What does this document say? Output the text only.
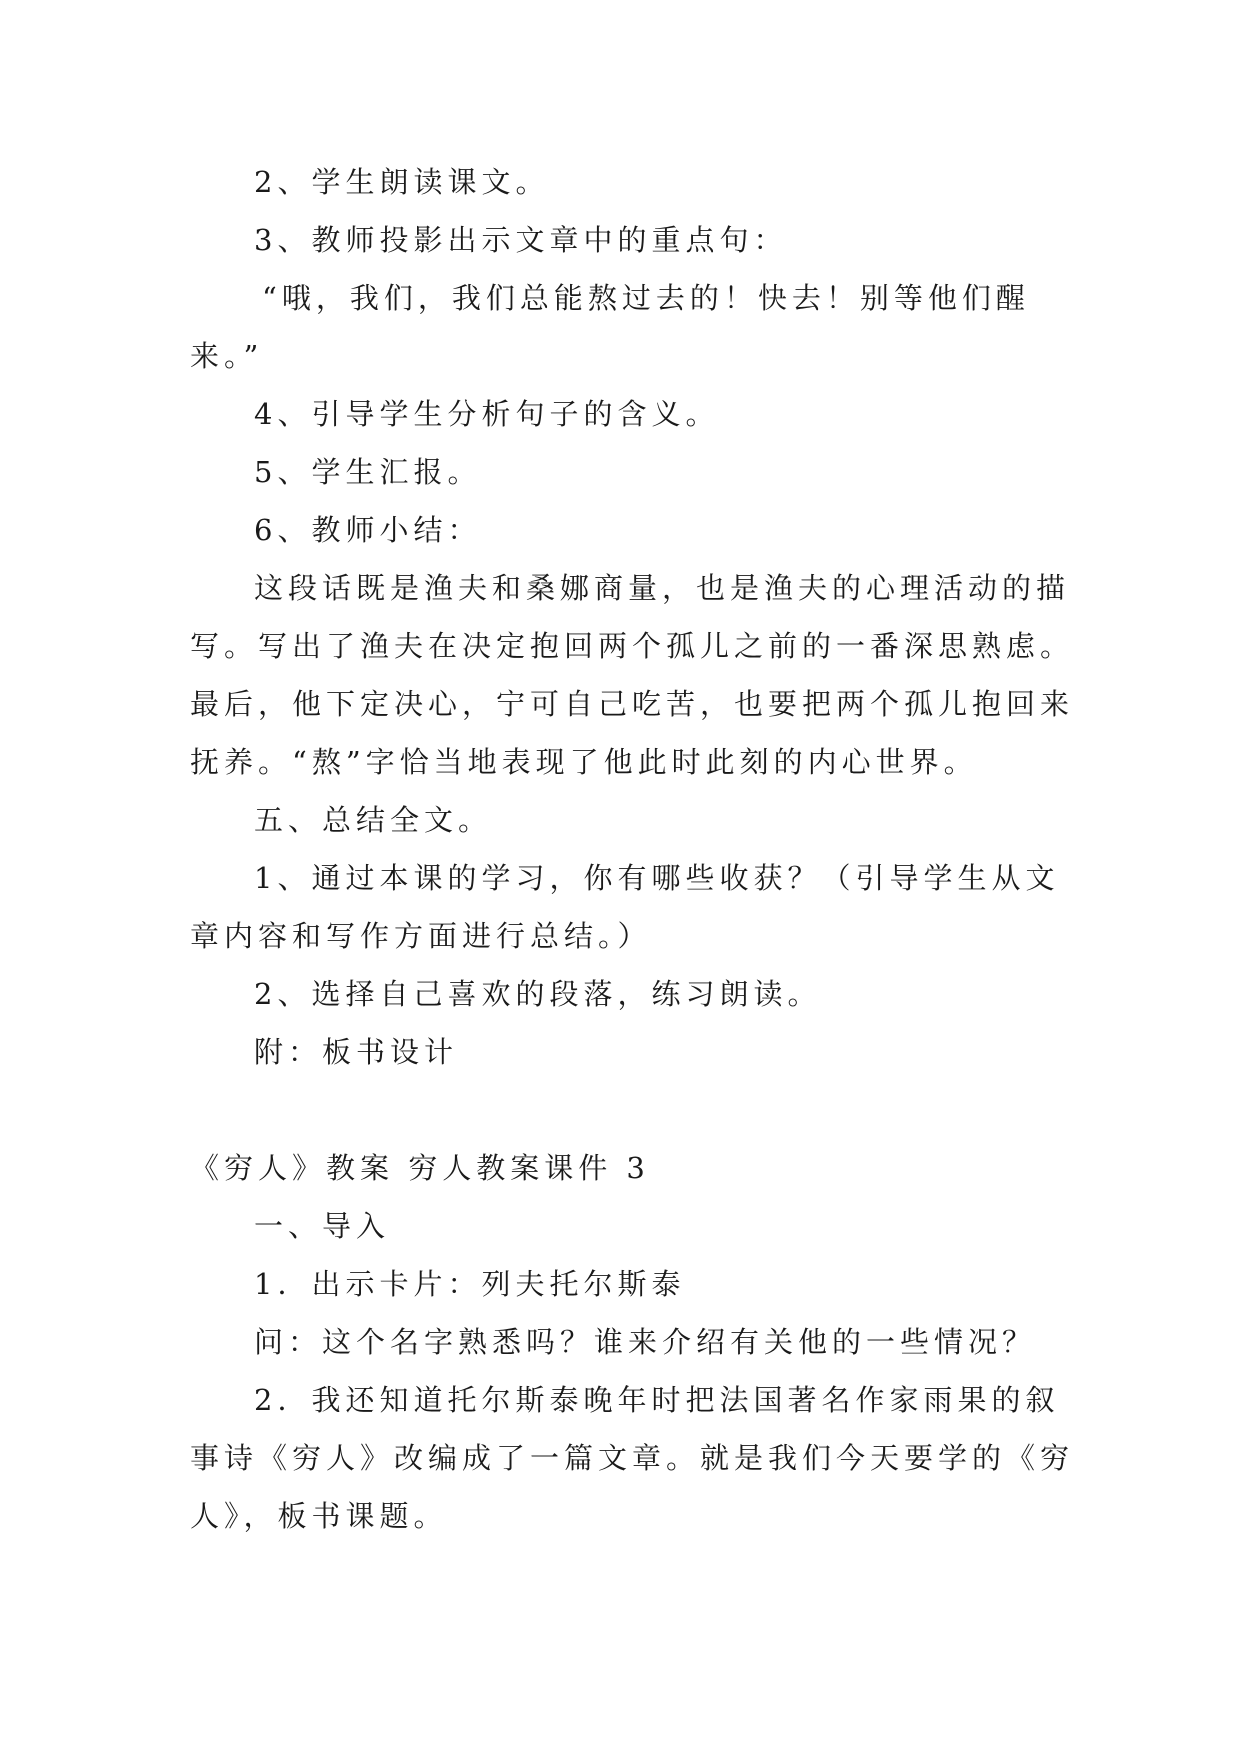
2、学生朗读课文。
3、教师投影出示文章中的重点句：
“哦，我们，我们总能熬过去的！快去！别等他们醒
来。”
4、引导学生分析句子的含义。
5、学生汇报。
6、教师小结：
这段话既是渔夫和桑娜商量，也是渔夫的心理活动的描
写。写出了渔夫在决定抱回两个孤儿之前的一番深思熟虑。
最后，他下定决心，宁可自己吃苦，也要把两个孤儿抱回来
抚养。“熬”字恰当地表现了他此时此刻的内心世界。
五、总结全文。
1、通过本课的学习，你有哪些收获？（引导学生从文
章内容和写作方面进行总结。）
2、选择自己喜欢的段落，练习朗读。
附：板书设计
《穷人》教案 穷人教案课件 3
一、导入
1．出示卡片：列夫托尔斯泰
问：这个名字熟悉吗？谁来介绍有关他的一些情况？
2．我还知道托尔斯泰晚年时把法国著名作家雨果的叙
事诗《穷人》改编成了一篇文章。就是我们今天要学的《穷
人》，板书课题。
